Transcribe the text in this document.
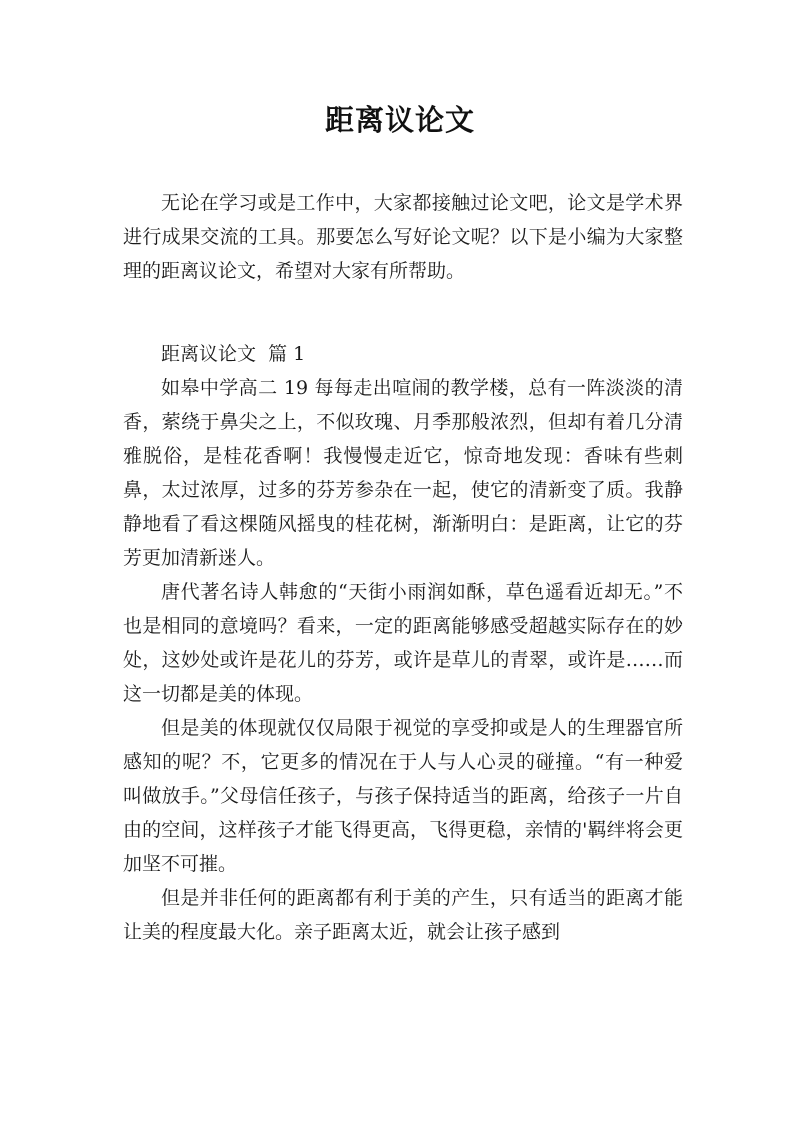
距离议论文

无论在学习或是工作中，大家都接触过论文吧，论文是学术界进行成果交流的工具。那要怎么写好论文呢？以下是小编为大家整理的距离议论文，希望对大家有所帮助。

距离议论文  篇 1

如皋中学高二 19 每每走出喧闹的教学楼，总有一阵淡淡的清香，萦绕于鼻尖之上，不似玫瑰、月季那般浓烈，但却有着几分清雅脱俗，是桂花香啊！我慢慢走近它，惊奇地发现：香味有些刺鼻，太过浓厚，过多的芬芳参杂在一起，使它的清新变了质。我静静地看了看这棵随风摇曳的桂花树，渐渐明白：是距离，让它的芬芳更加清新迷人。

唐代著名诗人韩愈的“天街小雨润如酥，草色遥看近却无。”不也是相同的意境吗？看来，一定的距离能够感受超越实际存在的妙处，这妙处或许是花儿的芬芳，或许是草儿的青翠，或许是……而这一切都是美的体现。

但是美的体现就仅仅局限于视觉的享受抑或是人的生理器官所感知的呢？不，它更多的情况在于人与人心灵的碰撞。“有一种爱叫做放手。”父母信任孩子，与孩子保持适当的距离，给孩子一片自由的空间，这样孩子才能飞得更高，飞得更稳，亲情的'羁绊将会更加坚不可摧。

但是并非任何的距离都有利于美的产生，只有适当的距离才能让美的程度最大化。亲子距离太近，就会让孩子感到
